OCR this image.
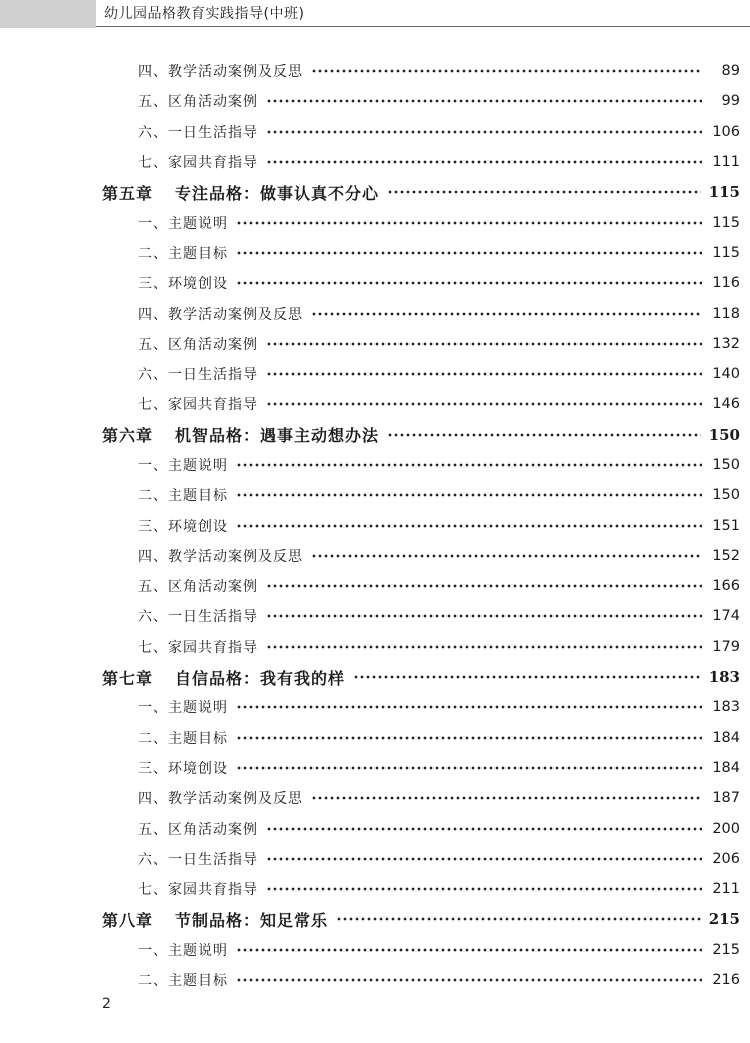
幼儿园品格教育实践指导(中班)
四、教学活动案例及反思	89
五、区角活动案例	99
六、一日生活指导	106
七、家园共育指导	111
第五章 专注品格：做事认真不分心	115
一、主题说明	115
二、主题目标	115
三、环境创设	116
四、教学活动案例及反思	118
五、区角活动案例	132
六、一日生活指导	140
七、家园共育指导	146
第六章 机智品格：遇事主动想办法	150
一、主题说明	150
二、主题目标	150
三、环境创设	151
四、教学活动案例及反思	152
五、区角活动案例	166
六、一日生活指导	174
七、家园共育指导	179
第七章 自信品格：我有我的样	183
一、主题说明	183
二、主题目标	184
三、环境创设	184
四、教学活动案例及反思	187
五、区角活动案例	200
六、一日生活指导	206
七、家园共育指导	211
第八章 节制品格：知足常乐	215
一、主题说明	215
二、主题目标	216
2
